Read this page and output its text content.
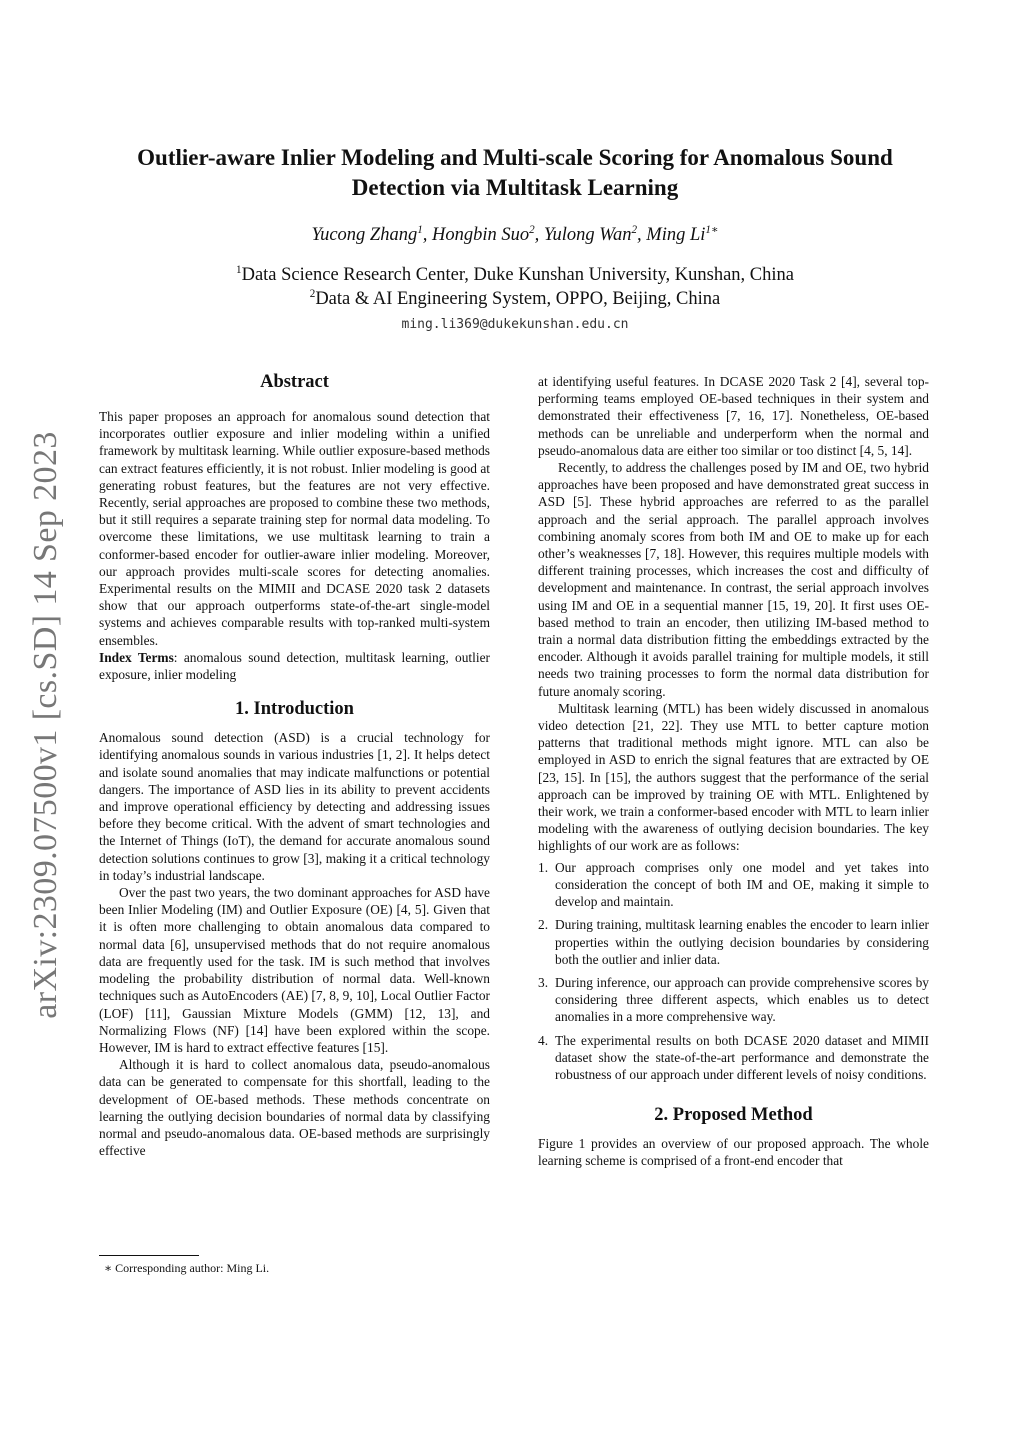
arXiv:2309.07500v1 [cs.SD] 14 Sep 2023
Outlier-aware Inlier Modeling and Multi-scale Scoring for Anomalous Sound Detection via Multitask Learning
Yucong Zhang$^1$, Hongbin Suo$^2$, Yulong Wan$^2$, Ming $Li^{1∗}$
$^1$Data Science Research Center, Duke Kunshan University, Kunshan, China
$^2$Data & AI Engineering System, OPPO, Beijing, China
ming.li369@dukekunshan.edu.cn
Abstract

This paper proposes an approach for anomalous sound detection that incorporates outlier exposure and inlier modeling within a unified framework by multitask learning. While outlier exposure-based methods can extract features efficiently, it is not robust. Inlier modeling is good at generating robust features, but the features are not very effective. Recently, serial approaches are proposed to combine these two methods, but it still requires a separate training step for normal data modeling. To overcome these limitations, we use multitask learning to train a conformer-based encoder for outlier-aware inlier modeling. Moreover, our approach provides multi-scale scores for detecting anomalies. Experimental results on the MIMII and DCASE 2020 task 2 datasets show that our approach outperforms state-of-the-art single-model systems and achieves comparable results with top-ranked multi-system ensembles.

Index Terms: anomalous sound detection, multitask learning, outlier exposure, inlier modeling

1. Introduction

Anomalous sound detection (ASD) is a crucial technology for identifying anomalous sounds in various industries [1, 2]. It helps detect and isolate sound anomalies that may indicate malfunctions or potential dangers. The importance of ASD lies in its ability to prevent accidents and improve operational efficiency by detecting and addressing issues before they become critical. With the advent of smart technologies and the Internet of Things (IoT), the demand for accurate anomalous sound detection solutions continues to grow [3], making it a critical technology in today’s industrial landscape.

Over the past two years, the two dominant approaches for ASD have been Inlier Modeling (IM) and Outlier Exposure (OE) [4, 5]. Given that it is often more challenging to obtain anomalous data compared to normal data [6], unsupervised methods that do not require anomalous data are frequently used for the task. IM is such method that involves modeling the probability distribution of normal data. Well-known techniques such as AutoEncoders (AE) [7, 8, 9, 10], Local Outlier Factor (LOF) [11], Gaussian Mixture Models (GMM) [12, 13], and Normalizing Flows (NF) [14] have been explored within the scope. However, IM is hard to extract effective features [15].

Although it is hard to collect anomalous data, pseudo-anomalous data can be generated to compensate for this shortfall, leading to the development of OE-based methods. These methods concentrate on learning the outlying decision boundaries of normal data by classifying normal and pseudo-anomalous data. OE-based methods are surprisingly effective

at identifying useful features. In DCASE 2020 Task 2 [4], several top-performing teams employed OE-based techniques in their system and demonstrated their effectiveness [7, 16, 17]. Nonetheless, OE-based methods can be unreliable and underperform when the normal and pseudo-anomalous data are either too similar or too distinct [4, 5, 14].

Recently, to address the challenges posed by IM and OE, two hybrid approaches have been proposed and have demonstrated great success in ASD [5]. These hybrid approaches are referred to as the parallel approach and the serial approach. The parallel approach involves combining anomaly scores from both IM and OE to make up for each other’s weaknesses [7, 18]. However, this requires multiple models with different training processes, which increases the cost and difficulty of development and maintenance. In contrast, the serial approach involves using IM and OE in a sequential manner [15, 19, 20]. It first uses OE-based method to train an encoder, then utilizing IM-based method to train a normal data distribution fitting the embeddings extracted by the encoder. Although it avoids parallel training for multiple models, it still needs two training processes to form the normal data distribution for future anomaly scoring.

Multitask learning (MTL) has been widely discussed in anomalous video detection [21, 22]. They use MTL to better capture motion patterns that traditional methods might ignore. MTL can also be employed in ASD to enrich the signal features that are extracted by OE [23, 15]. In [15], the authors suggest that the performance of the serial approach can be improved by training OE with MTL. Enlightened by their work, we train a conformer-based encoder with MTL to learn inlier modeling with the awareness of outlying decision boundaries. The key highlights of our work are as follows:

1. Our approach comprises only one model and yet takes into consideration the concept of both IM and OE, making it simple to develop and maintain.
2. During training, multitask learning enables the encoder to learn inlier properties within the outlying decision boundaries by considering both the outlier and inlier data.
3. During inference, our approach can provide comprehensive scores by considering three different aspects, which enables us to detect anomalies in a more comprehensive way.
4. The experimental results on both DCASE 2020 dataset and MIMII dataset show the state-of-the-art performance and demonstrate the robustness of our approach under different levels of noisy conditions.
2. Proposed Method

Figure 1 provides an overview of our proposed approach. The whole learning scheme is comprised of a front-end encoder that

∗ Corresponding author: Ming Li.
